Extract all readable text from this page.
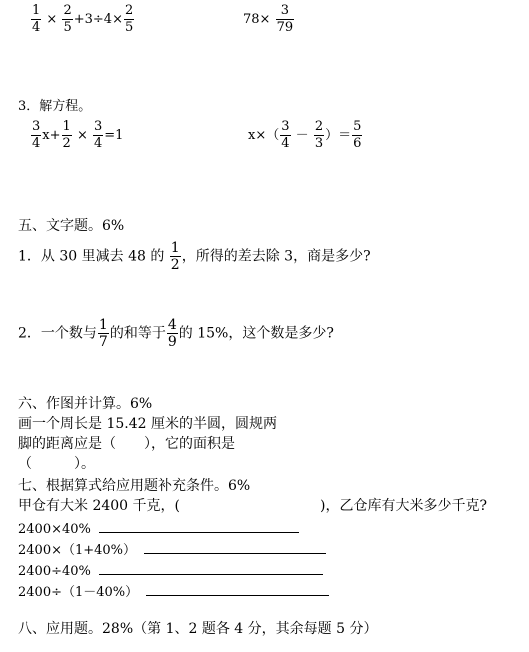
$\frac{1}{4} \times \frac{2}{5} +3\div 4\times \frac{2}{5}$	$78\times \frac{3}{79}$
3．解方程。
$\frac{3}{4} x+ \frac{1}{2} \times \frac{3}{4} =1$	$x\times( \frac{3}{4} - \frac{2}{3}$ ）＝ $\frac{5}{6}$
五、文字题。6%
1．从 30 里减去 48 的 $\frac{1}{2}$ ，所得的差去除 3，商是多少?
2．一个数与 $\frac{1}{7}$ 的和等于 $\frac{4}{9}$ 的 15%，这个数是多少?
六、作图并计算。6%
画一个周长是 15.42 厘米的半圆，圆规两
脚的距离应是（　　），它的面积是
（　　　）。
七、根据算式给应用题补充条件。6%
甲仓有大米 2400 千克，(	)，乙仓库有大米多少千克?
2400×40%
2400×（1+40%）
2400÷40%
2400÷（1－40%）
八、应用题。28%（第 1、2 题各 4 分，其余每题 5 分）
